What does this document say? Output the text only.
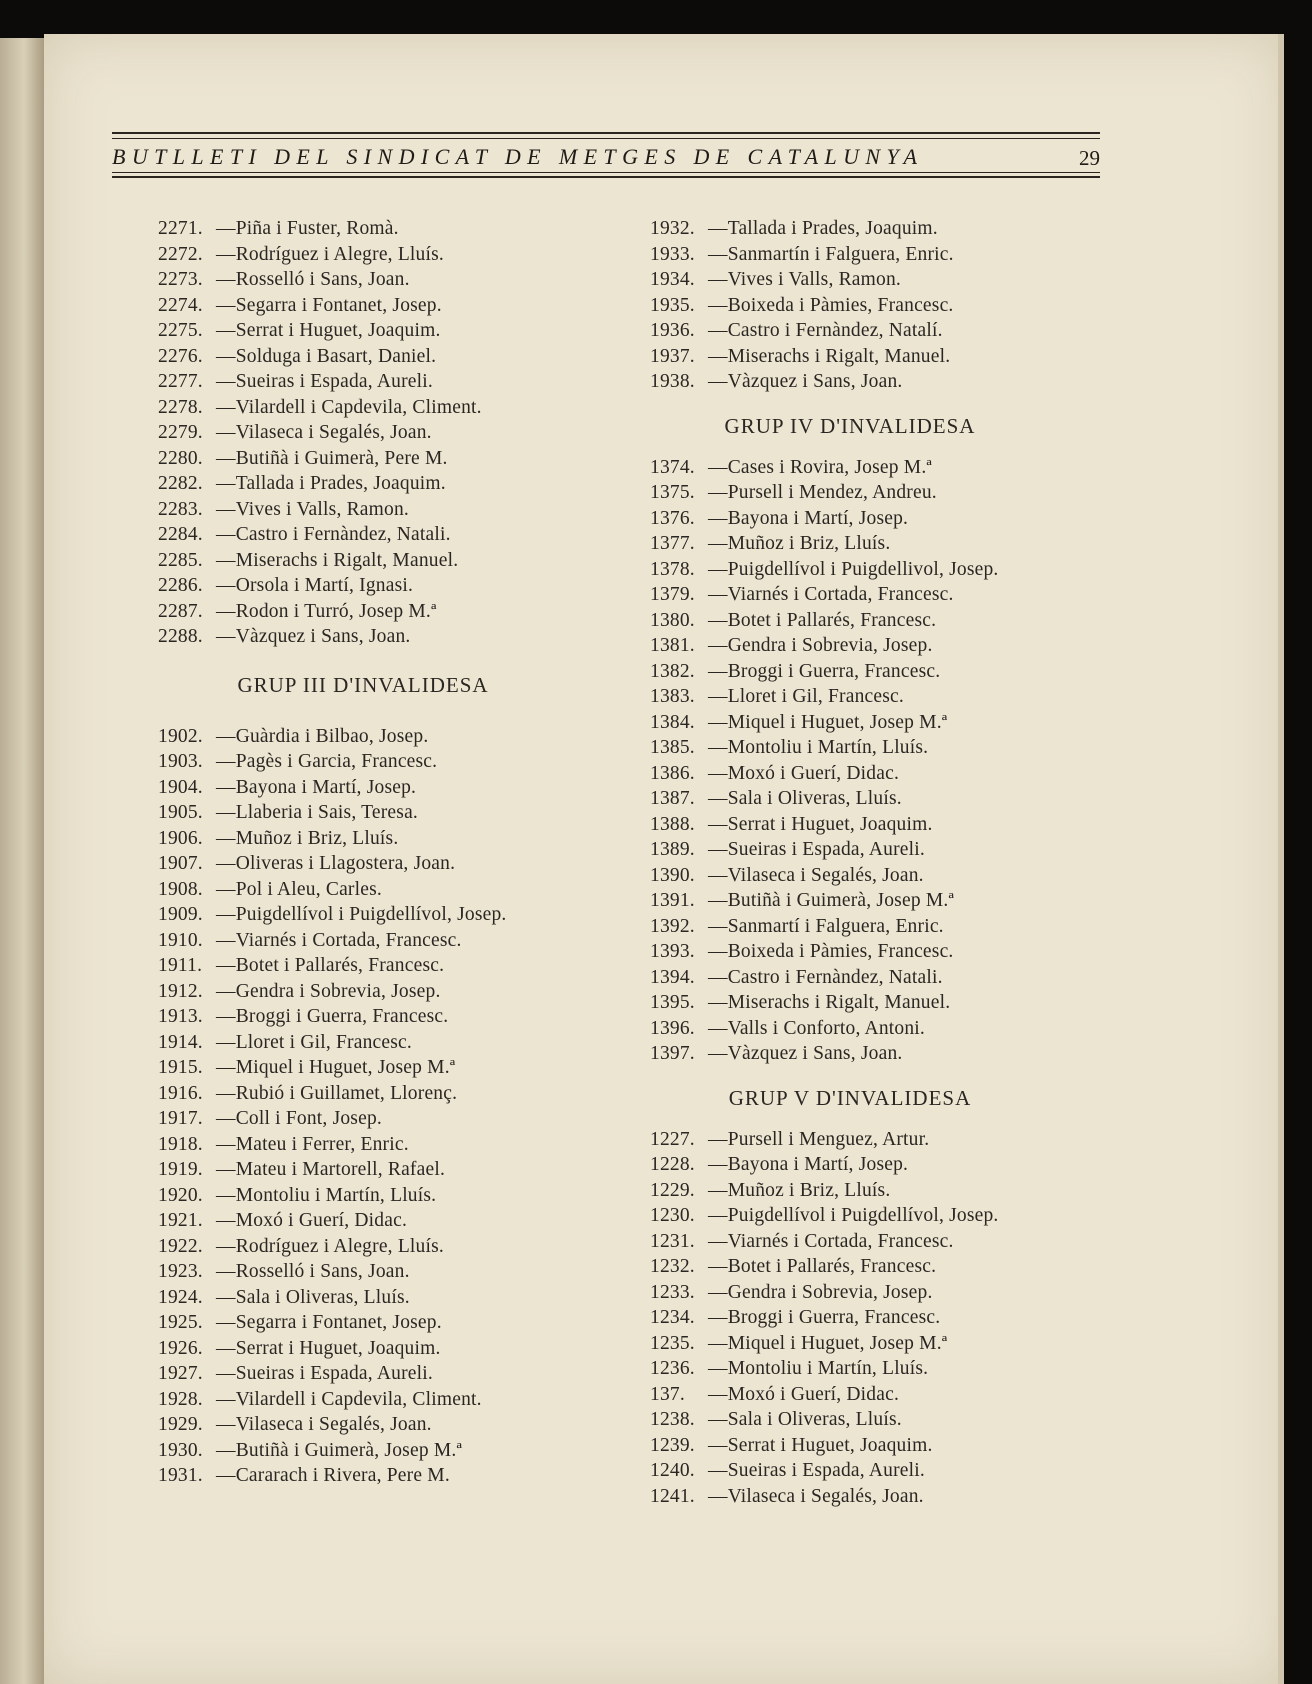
BUTLLETI DEL SINDICAT DE METGES DE CATALUNYA	29
2271. —Piña i Fuster, Romà.
2272. —Rodríguez i Alegre, Lluís.
2273. —Rosselló i Sans, Joan.
2274. —Segarra i Fontanet, Josep.
2275. —Serrat i Huguet, Joaquim.
2276. —Solduga i Basart, Daniel.
2277. —Sueiras i Espada, Aureli.
2278. —Vilardell i Capdevila, Climent.
2279. —Vilaseca i Segalés, Joan.
2280. —Butiñà i Guimerà, Pere M.
2282. —Tallada i Prades, Joaquim.
2283. —Vives i Valls, Ramon.
2284. —Castro i Fernàndez, Natali.
2285. —Miserachs i Rigalt, Manuel.
2286. —Orsola i Martí, Ignasi.
2287. —Rodon i Turró, Josep M.ª
2288. —Vàzquez i Sans, Joan.
GRUP III D'INVALIDESA
1902. —Guàrdia i Bilbao, Josep.
1903. —Pagès i Garcia, Francesc.
1904. —Bayona i Martí, Josep.
1905. —Llaberia i Sais, Teresa.
1906. —Muñoz i Briz, Lluís.
1907. —Oliveras i Llagostera, Joan.
1908. —Pol i Aleu, Carles.
1909. —Puigdellívol i Puigdellívol, Josep.
1910. —Viarnés i Cortada, Francesc.
1911. —Botet i Pallarés, Francesc.
1912. —Gendra i Sobrevia, Josep.
1913. —Broggi i Guerra, Francesc.
1914. —Lloret i Gil, Francesc.
1915. —Miquel i Huguet, Josep M.ª
1916. —Rubió i Guillamet, Llorenç.
1917. —Coll i Font, Josep.
1918. —Mateu i Ferrer, Enric.
1919. —Mateu i Martorell, Rafael.
1920. —Montoliu i Martín, Lluís.
1921. —Moxó i Guerí, Didac.
1922. —Rodríguez i Alegre, Lluís.
1923. —Rosselló i Sans, Joan.
1924. —Sala i Oliveras, Lluís.
1925. —Segarra i Fontanet, Josep.
1926. —Serrat i Huguet, Joaquim.
1927. —Sueiras i Espada, Aureli.
1928. —Vilardell i Capdevila, Climent.
1929. —Vilaseca i Segalés, Joan.
1930. —Butiñà i Guimerà, Josep M.ª
1931. —Cararach i Rivera, Pere M.
1932. —Tallada i Prades, Joaquim.
1933. —Sanmartín i Falguera, Enric.
1934. —Vives i Valls, Ramon.
1935. —Boixeda i Pàmies, Francesc.
1936. —Castro i Fernàndez, Natalí.
1937. —Miserachs i Rigalt, Manuel.
1938. —Vàzquez i Sans, Joan.
GRUP IV D'INVALIDESA
1374. —Cases i Rovira, Josep M.ª
1375. —Pursell i Mendez, Andreu.
1376. —Bayona i Martí, Josep.
1377. —Muñoz i Briz, Lluís.
1378. —Puigdellívol i Puigdellivol, Josep.
1379. —Viarnés i Cortada, Francesc.
1380. —Botet i Pallarés, Francesc.
1381. —Gendra i Sobrevia, Josep.
1382. —Broggi i Guerra, Francesc.
1383. —Lloret i Gil, Francesc.
1384. —Miquel i Huguet, Josep M.ª
1385. —Montoliu i Martín, Lluís.
1386. —Moxó i Guerí, Didac.
1387. —Sala i Oliveras, Lluís.
1388. —Serrat i Huguet, Joaquim.
1389. —Sueiras i Espada, Aureli.
1390. —Vilaseca i Segalés, Joan.
1391. —Butiñà i Guimerà, Josep M.ª
1392. —Sanmartí i Falguera, Enric.
1393. —Boixeda i Pàmies, Francesc.
1394. —Castro i Fernàndez, Natali.
1395. —Miserachs i Rigalt, Manuel.
1396. —Valls i Conforto, Antoni.
1397. —Vàzquez i Sans, Joan.
GRUP V D'INVALIDESA
1227. —Pursell i Menguez, Artur.
1228. —Bayona i Martí, Josep.
1229. —Muñoz i Briz, Lluís.
1230. —Puigdellívol i Puigdellívol, Josep.
1231. —Viarnés i Cortada, Francesc.
1232. —Botet i Pallarés, Francesc.
1233. —Gendra i Sobrevia, Josep.
1234. —Broggi i Guerra, Francesc.
1235. —Miquel i Huguet, Josep M.ª
1236. —Montoliu i Martín, Lluís.
137. —Moxó i Guerí, Didac.
1238. —Sala i Oliveras, Lluís.
1239. —Serrat i Huguet, Joaquim.
1240. —Sueiras i Espada, Aureli.
1241. —Vilaseca i Segalés, Joan.
